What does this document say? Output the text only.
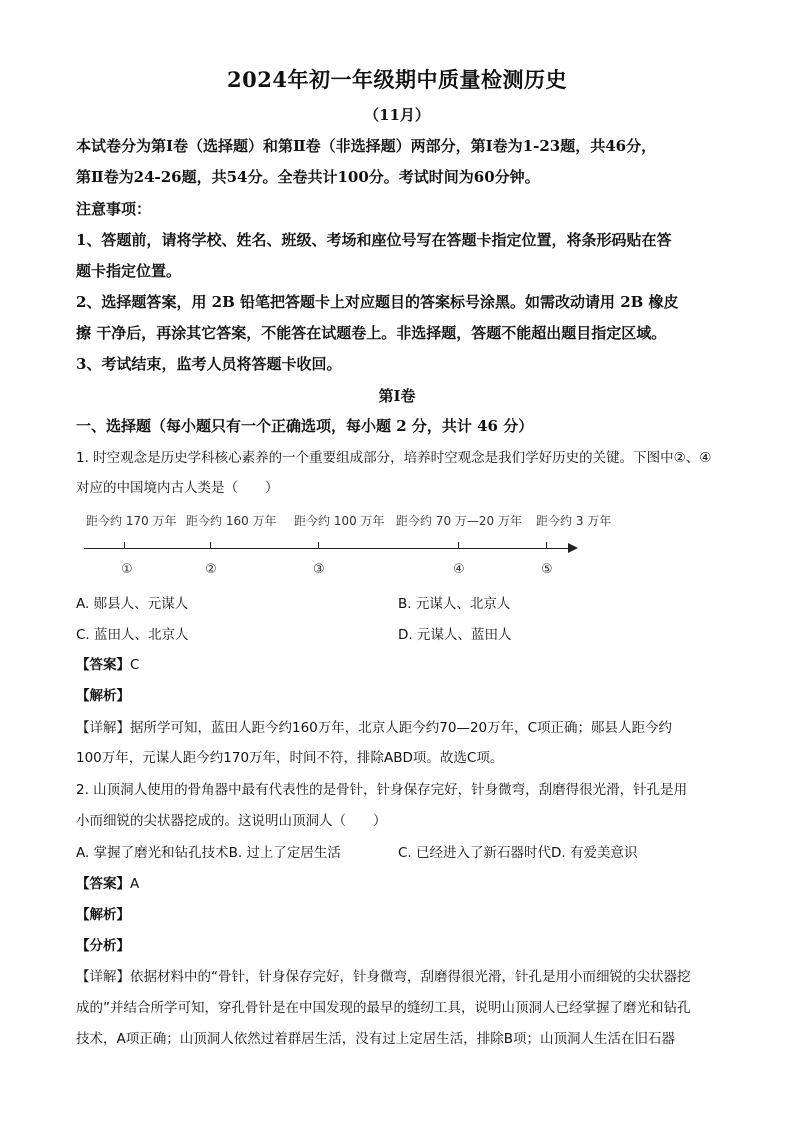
2024年初一年级期中质量检测历史
（11月）
本试卷分为第Ⅰ卷（选择题）和第Ⅱ卷（非选择题）两部分，第Ⅰ卷为1-23题，共46分，
第Ⅱ卷为24-26题，共54分。全卷共计100分。考试时间为60分钟。
注意事项：
1、答题前，请将学校、姓名、班级、考场和座位号写在答题卡指定位置，将条形码贴在答
题卡指定位置。
2、选择题答案，用 2B 铅笔把答题卡上对应题目的答案标号涂黑。如需改动请用 2B 橡皮
擦 干净后，再涂其它答案，不能答在试题卷上。非选择题，答题不能超出题目指定区域。
3、考试结束，监考人员将答题卡收回。
第Ⅰ卷
一、选择题（每小题只有一个正确选项，每小题 2 分，共计 46 分）
1. 时空观念是历史学科核心素养的一个重要组成部分，培养时空观念是我们学好历史的关键。下图中②、④
对应的中国境内古人类是（　　）
距今约 170 万年 距今约 160 万年 距今约 100 万年 距今约 70 万—20 万年 距今约 3 万年
①	②	③	④	⑤
A. 郧县人、元谋人	B. 元谋人、北京人
C. 蓝田人、北京人	D. 元谋人、蓝田人
【答案】C
【解析】
【详解】据所学可知，蓝田人距今约160万年，北京人距今约70—20万年，C项正确；郧县人距今约
100万年，元谋人距今约170万年，时间不符，排除ABD项。故选C项。
2. 山顶洞人使用的骨角器中最有代表性的是骨针，针身保存完好，针身微弯，刮磨得很光滑，针孔是用
小而细锐的尖状器挖成的。这说明山顶洞人（　　）
A. 掌握了磨光和钻孔技术B. 过上了定居生活	C. 已经进入了新石器时代D. 有爱美意识
【答案】A
【解析】
【分析】
【详解】依据材料中的“骨针，针身保存完好，针身微弯，刮磨得很光滑，针孔是用小而细锐的尖状器挖
成的”并结合所学可知，穿孔骨针是在中国发现的最早的缝纫工具，说明山顶洞人已经掌握了磨光和钻孔
技术，A项正确；山顶洞人依然过着群居生活，没有过上定居生活，排除B项；山顶洞人生活在旧石器
